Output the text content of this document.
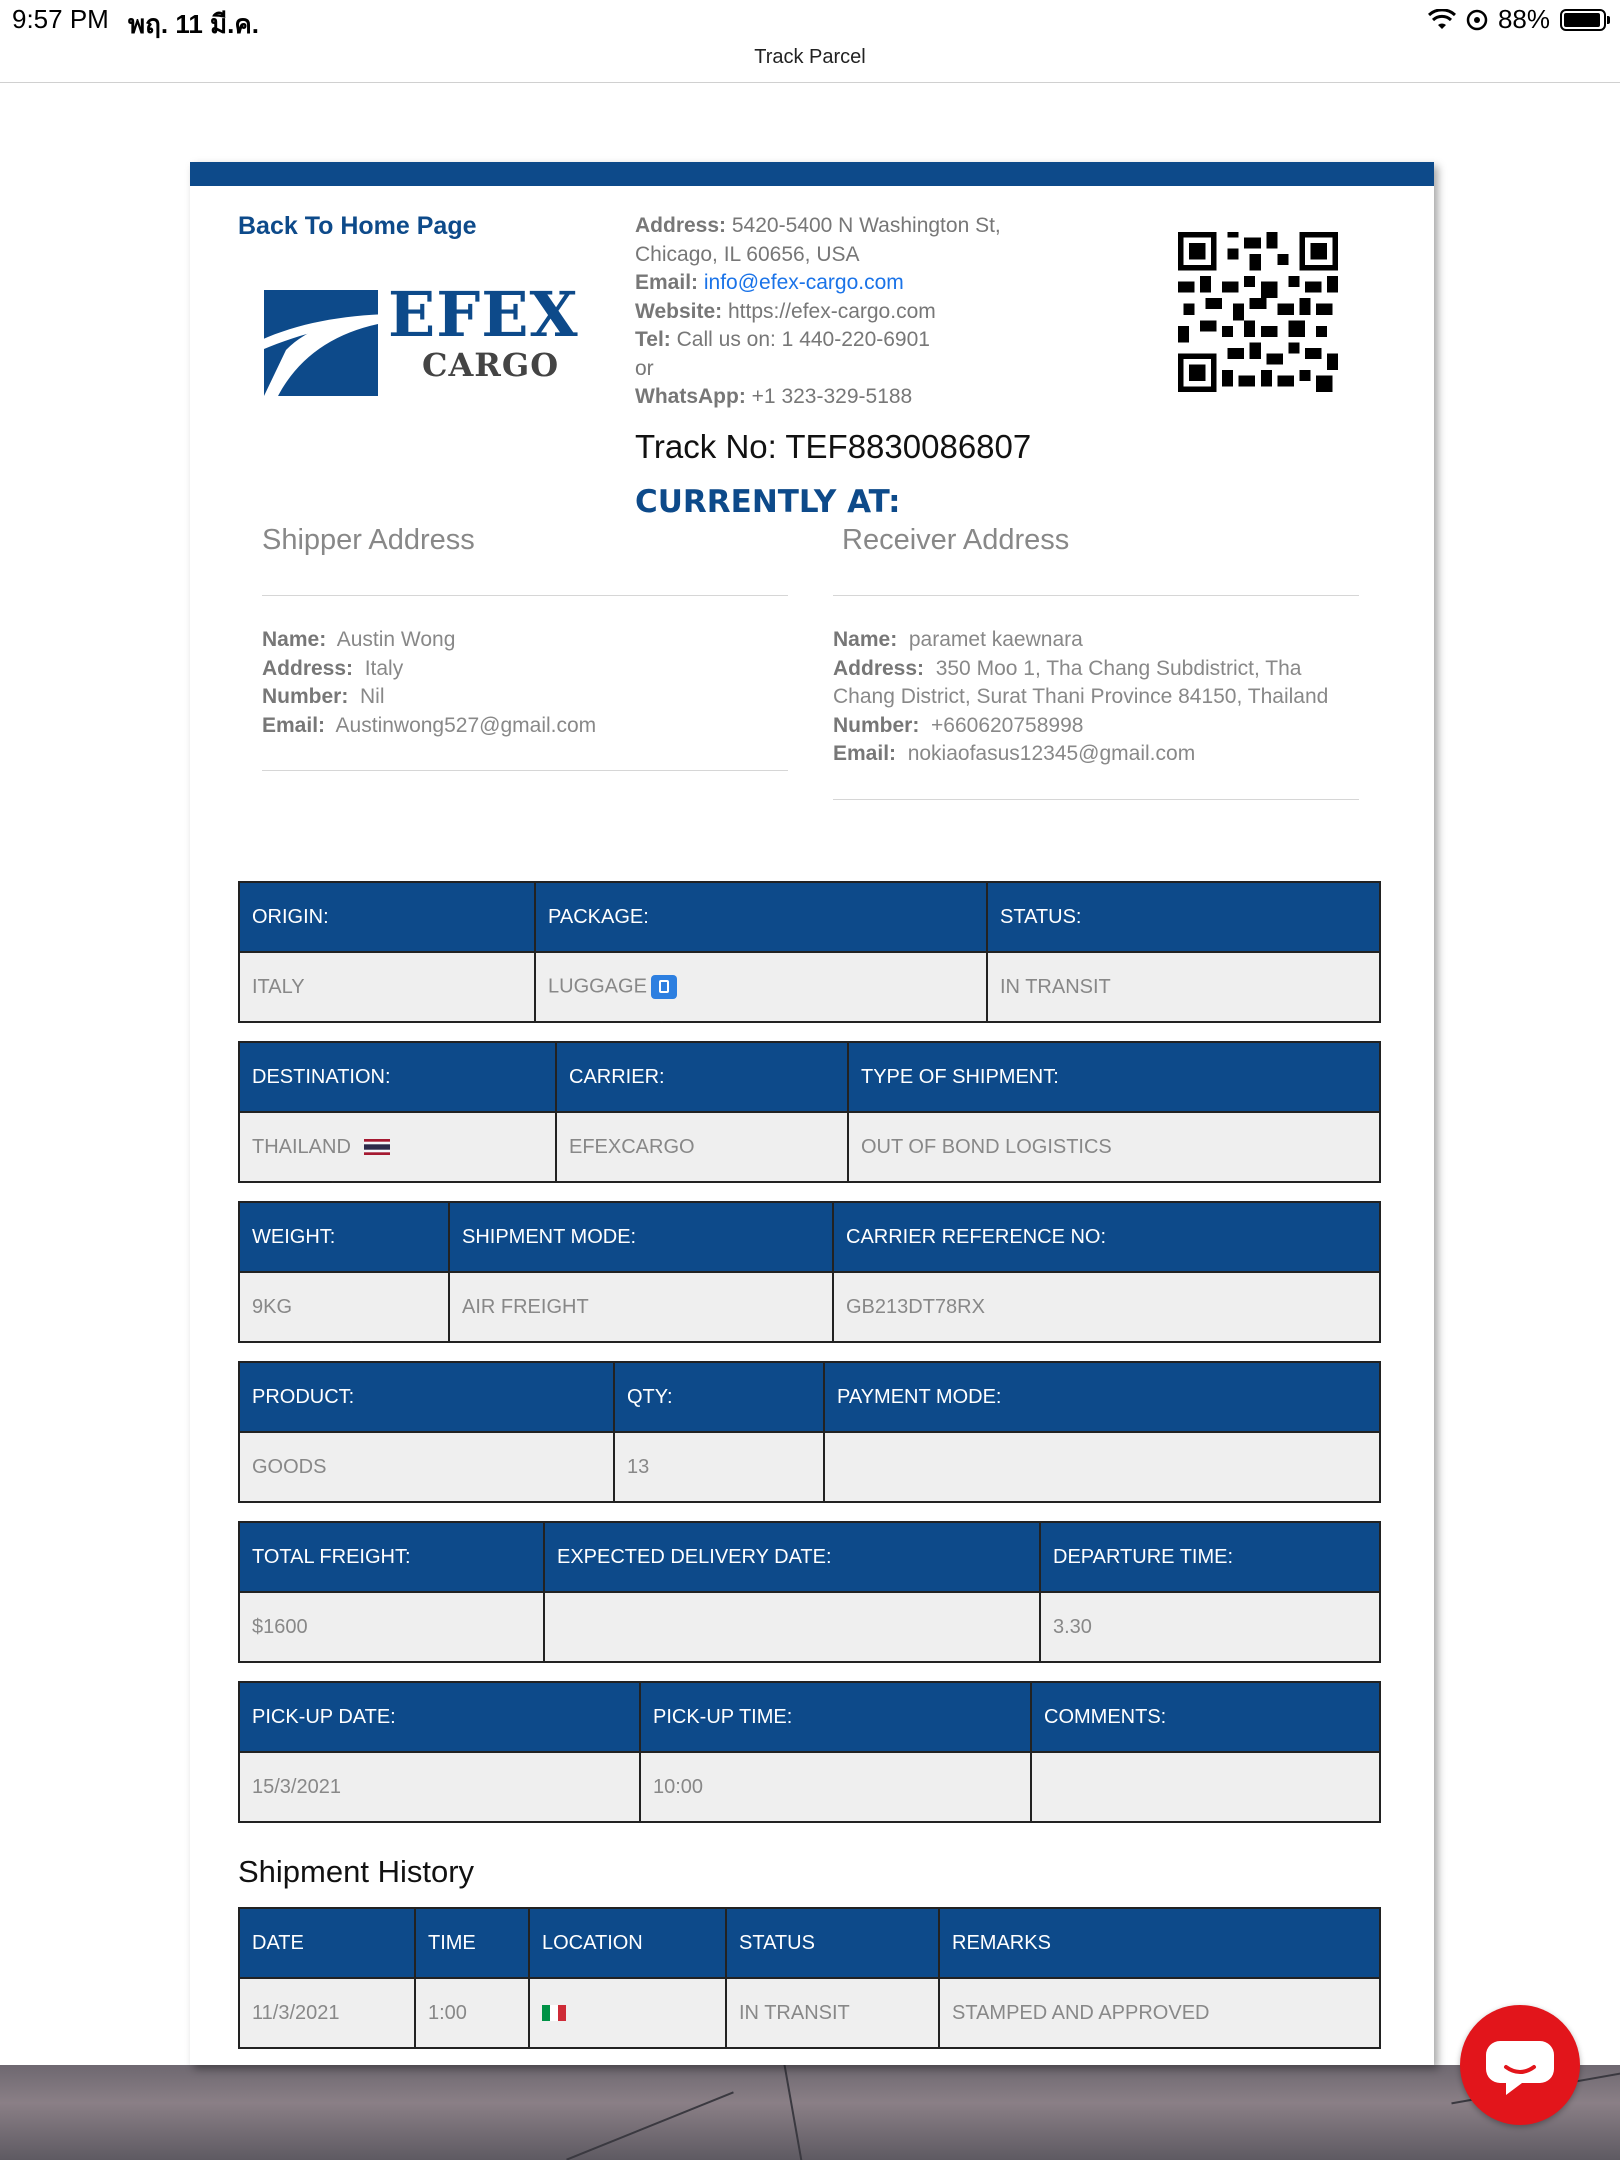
9:57 PM พฤ. 11 มี.ค.	88%
Track Parcel
Back To Home Page
EFEX
CARGO
Address: 5420-5400 N Washington St, Chicago, IL 60656, USA
Email: info@efex-cargo.com
Website: https://efex-cargo.com
Tel: Call us on: 1 440-220-6901
or
WhatsApp: +1 323-329-5188
Track No: TEF8830086807
CURRENTLY AT:
Shipper Address
Name: Austin Wong
Address: Italy
Number: Nil
Email: Austinwong527@gmail.com
Receiver Address
Name: paramet kaewnara
Address: 350 Moo 1, Tha Chang Subdistrict, Tha Chang District, Surat Thani Province 84150, Thailand
Number: +660620758998
Email: nokiaofasus12345@gmail.com
ORIGIN:	PACKAGE:	STATUS:
ITALY	LUGGAGE	IN TRANSIT
DESTINATION:	CARRIER:	TYPE OF SHIPMENT:
THAILAND	EFEXCARGO	OUT OF BOND LOGISTICS
WEIGHT:	SHIPMENT MODE:	CARRIER REFERENCE NO:
9KG	AIR FREIGHT	GB213DT78RX
PRODUCT:	QTY:	PAYMENT MODE:
GOODS	13	
TOTAL FREIGHT:	EXPECTED DELIVERY DATE:	DEPARTURE TIME:
$1600		3.30
PICK-UP DATE:	PICK-UP TIME:	COMMENTS:
15/3/2021	10:00	
Shipment History
DATE	TIME	LOCATION	STATUS	REMARKS
11/3/2021	1:00		IN TRANSIT	STAMPED AND APPROVED
